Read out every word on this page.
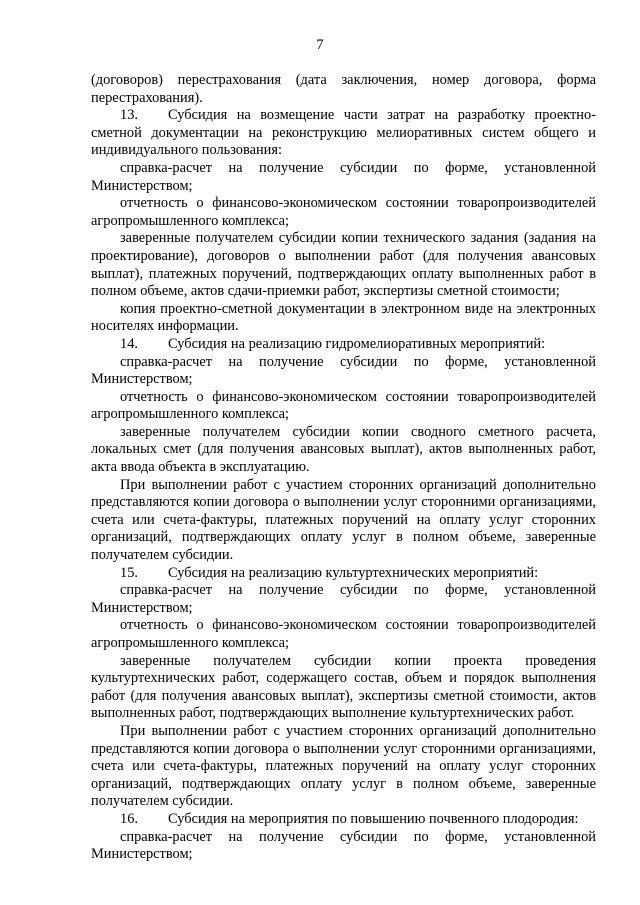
7

(договоров) перестрахования (дата заключения, номер договора, форма перестрахования).

13. Субсидия на возмещение части затрат на разработку проектно-сметной документации на реконструкцию мелиоративных систем общего и индивидуального пользования:

справка-расчет на получение субсидии по форме, установленной Министерством;

отчетность о финансово-экономическом состоянии товаропроизводителей агропромышленного комплекса;

заверенные получателем субсидии копии технического задания (задания на проектирование), договоров о выполнении работ (для получения авансовых выплат), платежных поручений, подтверждающих оплату выполненных работ в полном объеме, актов сдачи-приемки работ, экспертизы сметной стоимости;

копия проектно-сметной документации в электронном виде на электронных носителях информации.

14. Субсидия на реализацию гидромелиоративных мероприятий:

справка-расчет на получение субсидии по форме, установленной Министерством;

отчетность о финансово-экономическом состоянии товаропроизводителей агропромышленного комплекса;

заверенные получателем субсидии копии сводного сметного расчета, локальных смет (для получения авансовых выплат), актов выполненных работ, акта ввода объекта в эксплуатацию.

При выполнении работ с участием сторонних организаций дополнительно представляются копии договора о выполнении услуг сторонними организациями, счета или счета-фактуры, платежных поручений на оплату услуг сторонних организаций, подтверждающих оплату услуг в полном объеме, заверенные получателем субсидии.

15. Субсидия на реализацию культуртехнических мероприятий:

справка-расчет на получение субсидии по форме, установленной Министерством;

отчетность о финансово-экономическом состоянии товаропроизводителей агропромышленного комплекса;

заверенные получателем субсидии копии проекта проведения культуртехнических работ, содержащего состав, объем и порядок выполнения работ (для получения авансовых выплат), экспертизы сметной стоимости, актов выполненных работ, подтверждающих выполнение культуртехнических работ.

При выполнении работ с участием сторонних организаций дополнительно представляются копии договора о выполнении услуг сторонними организациями, счета или счета-фактуры, платежных поручений на оплату услуг сторонних организаций, подтверждающих оплату услуг в полном объеме, заверенные получателем субсидии.

16. Субсидия на мероприятия по повышению почвенного плодородия:

справка-расчет на получение субсидии по форме, установленной Министерством;
